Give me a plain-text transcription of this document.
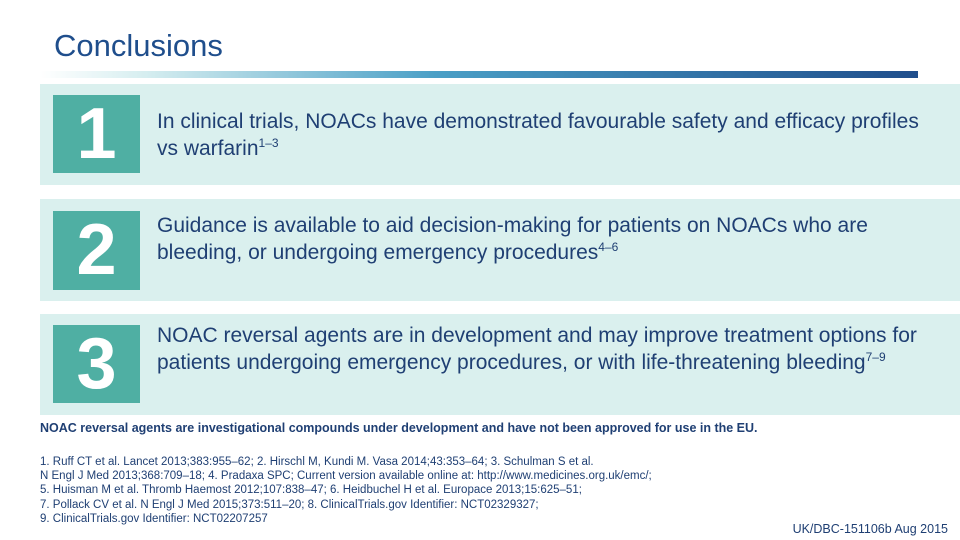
Conclusions
1	In clinical trials, NOACs have demonstrated favourable safety and efficacy profiles vs warfarin$^{1-3}$
2	Guidance is available to aid decision-making for patients on NOACs who are bleeding, or undergoing emergency procedures$^{4-6}$
3	NOAC reversal agents are in development and may improve treatment options for patients undergoing emergency procedures, or with life-threatening bleeding$^{7-9}$
NOAC reversal agents are investigational compounds under development and have not been approved for use in the EU.
1. Ruff CT et al. Lancet 2013;383:955–62; 2. Hirschl M, Kundi M. Vasa 2014;43:353–64; 3. Schulman S et al.
N Engl J Med 2013;368:709–18; 4. Pradaxa SPC; Current version available online at: http://www.medicines.org.uk/emc/;
5. Huisman M et al. Thromb Haemost 2012;107:838–47; 6. Heidbuchel H et al. Europace 2013;15:625–51;
7. Pollack CV et al. N Engl J Med 2015;373:511–20; 8. ClinicalTrials.gov Identifier: NCT02329327;
9. ClinicalTrials.gov Identifier: NCT02207257
UK/DBC-151106b Aug 2015
